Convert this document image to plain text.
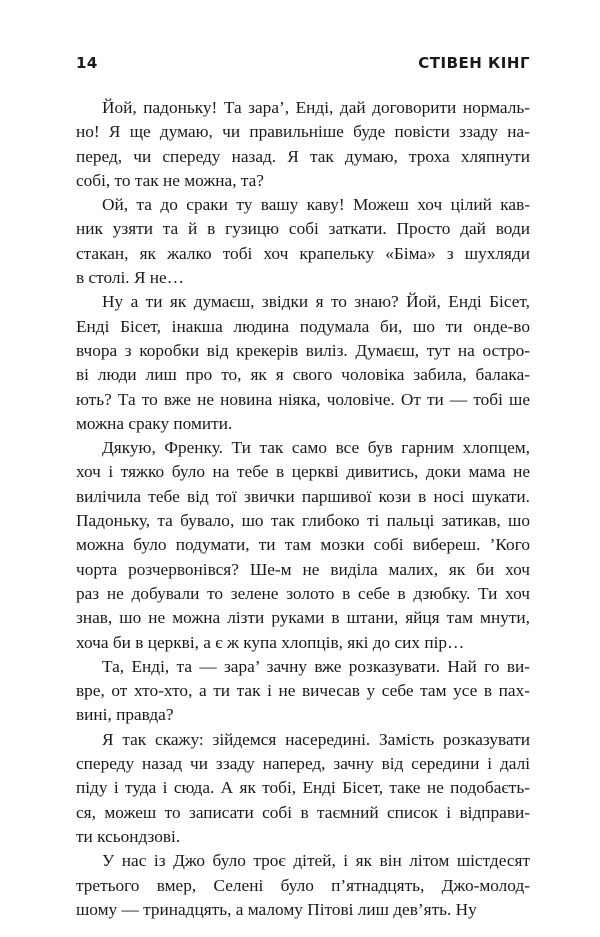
14	СТІВЕН КІНГ
Йой, падоньку! Та зара’, Енді, дай договорити нормаль-
но! Я ще думаю, чи правильніше буде повісти ззаду на-
перед, чи спереду назад. Я так думаю, троха хляпнути
собі, то так не можна, та?
Ой, та до сраки ту вашу каву! Можеш хоч цілий кав-
ник узяти та й в гузицю собі заткати. Просто дай води
стакан, як жалко тобі хоч крапельку «Біма» з шухляди
в столі. Я не…
Ну а ти як думаєш, звідки я то знаю? Йой, Енді Бісет,
Енді Бісет, інакша людина подумала би, шо ти онде-во
вчора з коробки від крекерів виліз. Думаєш, тут на остро-
ві люди лиш про то, як я свого чоловіка забила, балака-
ють? Та то вже не новина ніяка, чоловіче. От ти — тобі ше
можна сраку помити.
Дякую, Френку. Ти так само все був гарним хлопцем,
хоч і тяжко було на тебе в церкві дивитись, доки мама не
вилічила тебе від тої звички паршивої кози в носі шукати.
Падоньку, та бувало, шо так глибоко ті пальці затикав, шо
можна було подумати, ти там мозки собі вибереш. ’Кого
чорта розчервонівся? Ше-м не виділа малих, як би хоч
раз не добували то зелене золото в себе в дзюбку. Ти хоч
знав, шо не можна лізти руками в штани, яйця там мнути,
хоча би в церкві, а є ж купа хлопців, які до сих пір…
Та, Енді, та — зара’ зачну вже розказувати. Най го ви-
вре, от хто-хто, а ти так і не вичесав у себе там усе в пах-
вині, правда?
Я так скажу: зійдемся насередині. Замість розказувати
спереду назад чи ззаду наперед, зачну від середини і далі
піду і туда і сюда. А як тобі, Енді Бісет, таке не подобаєть-
ся, можеш то записати собі в таємний список і відправи-
ти ксьондзові.
У нас із Джо було троє дітей, і як він літом шістдесят
третього вмер, Селені було п’ятнадцять, Джо-молод-
шому — тринадцять, а малому Пітові лиш дев’ять. Ну
